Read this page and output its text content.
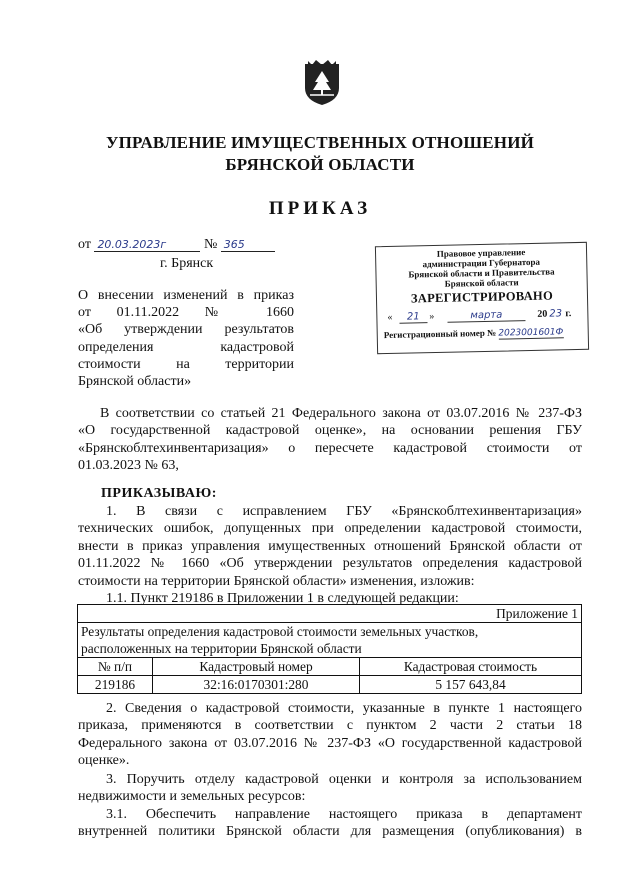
УПРАВЛЕНИЕ ИМУЩЕСТВЕННЫХ ОТНОШЕНИЙ
БРЯНСКОЙ ОБЛАСТИ
ПРИКАЗ
от 20.03.2023г	№ 365
г. Брянск
Правовое управление
администрации Губернатора
Брянской области и Правительства
Брянской области
ЗАРЕГИСТРИРОВАНО
«	21 »	марта	20 23 г.
Регистрационный номер № 2023001601Ф
О внесении изменений в приказ
от 01.11.2022 № 1660
«Об утверждении результатов
определения кадастровой
стоимости на территории
Брянской области»
В соответствии со статьей 21 Федерального закона от 03.07.2016 № 237-ФЗ
«О государственной кадастровой оценке», на основании решения ГБУ
«Брянскоблтехинвентаризация» о пересчете кадастровой стоимости от
01.03.2023 № 63,
ПРИКАЗЫВАЮ:
1. В связи с исправлением ГБУ «Брянскоблтехинвентаризация»
технических ошибок, допущенных при определении кадастровой стоимости,
внести в приказ управления имущественных отношений Брянской области от
01.11.2022 № 1660 «Об утверждении результатов определения кадастровой
стоимости на территории Брянской области» изменения, изложив:
1.1. Пункт 219186 в Приложении 1 в следующей редакции:
Приложение 1		

Результаты определения кадастровой стоимости земельных участков,
расположенных на территории Брянской области		

№ п/п	Кадастровый номер	Кадастровая стоимость
219186	32:16:0170301:280	5 157 643,84
2. Сведения о кадастровой стоимости, указанные в пункте 1 настоящего
приказа, применяются в соответствии с пунктом 2 части 2 статьи 18
Федерального закона от 03.07.2016 № 237-ФЗ «О государственной кадастровой
оценке».
3. Поручить отделу кадастровой оценки и контроля за использованием
недвижимости и земельных ресурсов:
3.1. Обеспечить направление настоящего приказа в департамент
внутренней политики Брянской области для размещения (опубликования) в
